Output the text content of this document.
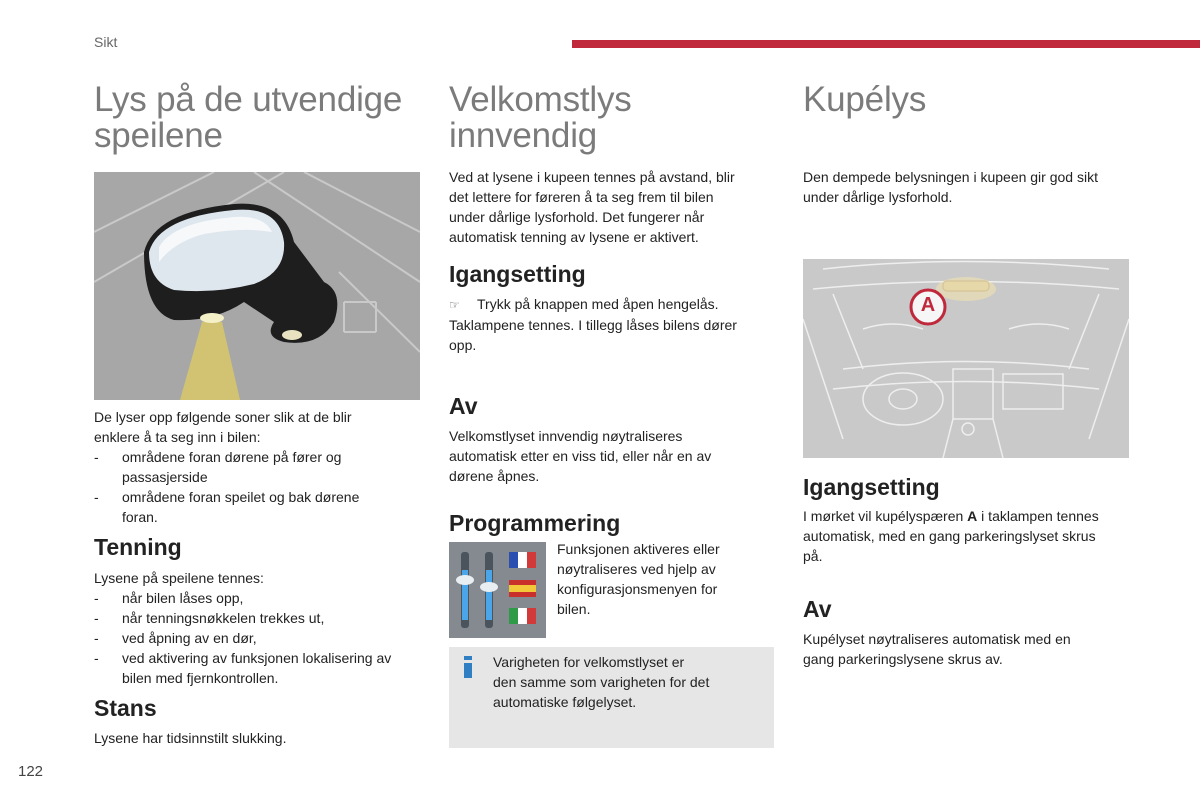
Sikt
Lys på de utvendige
speilene
De lyser opp følgende soner slik at de blir
enklere å ta seg inn i bilen:
- områdene foran dørene på fører og
passasjerside
- områdene foran speilet og bak dørene
foran.
Tenning
Lysene på speilene tennes:
- når bilen låses opp,
- når tenningsnøkkelen trekkes ut,
- ved åpning av en dør,
- ved aktivering av funksjonen lokalisering av
bilen med fjernkontrollen.
Stans
Lysene har tidsinnstilt slukking.
Velkomstlys
innvendig
Ved at lysene i kupeen tennes på avstand, blir
det lettere for føreren å ta seg frem til bilen
under dårlige lysforhold. Det fungerer når
automatisk tenning av lysene er aktivert.
Igangsetting
☞ Trykk på knappen med åpen hengelås.
Taklampene tennes. I tillegg låses bilens dører
opp.
Av
Velkomstlyset innvendig nøytraliseres
automatisk etter en viss tid, eller når en av
dørene åpnes.
Programmering
Funksjonen aktiveres eller
nøytraliseres ved hjelp av
konfigurasjonsmenyen for
bilen.
Varigheten for velkomstlyset er
den samme som varigheten for det
automatiske følgelyset.
Kupélys
Den dempede belysningen i kupeen gir god sikt
under dårlige lysforhold.
A
Igangsetting
I mørket vil kupélyspæren A i taklampen tennes
automatisk, med en gang parkeringslyset skrus
på.
Av
Kupélyset nøytraliseres automatisk med en
gang parkeringslysene skrus av.
122
